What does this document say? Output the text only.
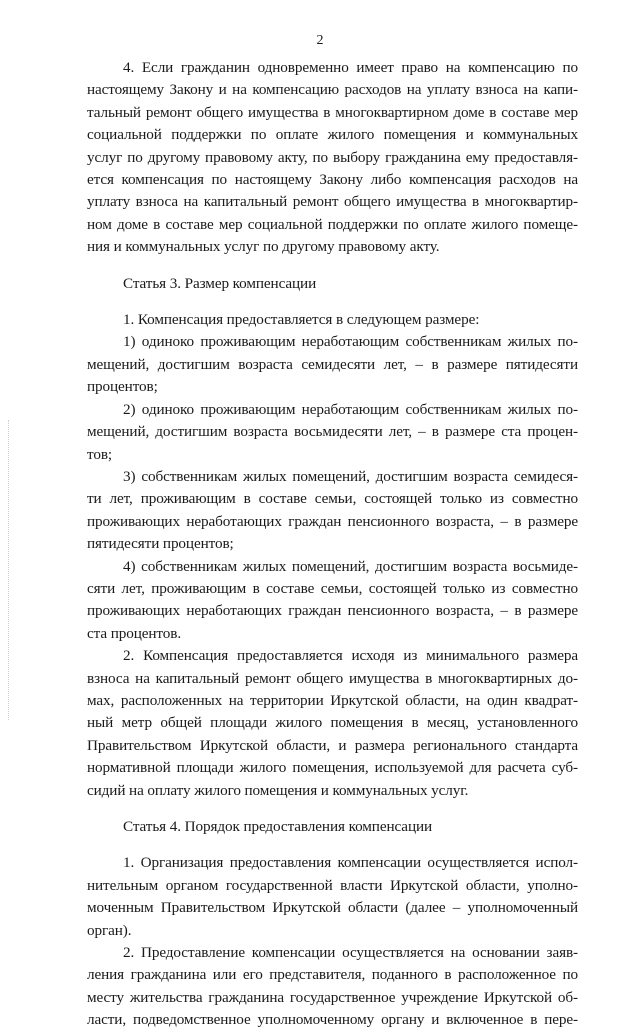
2
4. Если гражданин одновременно имеет право на компенсацию по
настоящему Закону и на компенсацию расходов на уплату взноса на капи-
тальный ремонт общего имущества в многоквартирном доме в составе мер
социальной поддержки по оплате жилого помещения и коммунальных
услуг по другому правовому акту, по выбору гражданина ему предоставля-
ется компенсация по настоящему Закону либо компенсация расходов на
уплату взноса на капитальный ремонт общего имущества в многоквартир-
ном доме в составе мер социальной поддержки по оплате жилого помеще-
ния и коммунальных услуг по другому правовому акту.
Статья 3. Размер компенсации
1. Компенсация предоставляется в следующем размере:
1) одиноко проживающим неработающим собственникам жилых по-
мещений, достигшим возраста семидесяти лет, – в размере пятидесяти
процентов;
2) одиноко проживающим неработающим собственникам жилых по-
мещений, достигшим возраста восьмидесяти лет, – в размере ста процен-
тов;
3) собственникам жилых помещений, достигшим возраста семидеся-
ти лет, проживающим в составе семьи, состоящей только из совместно
проживающих неработающих граждан пенсионного возраста, – в размере
пятидесяти процентов;
4) собственникам жилых помещений, достигшим возраста восьмиде-
сяти лет, проживающим в составе семьи, состоящей только из совместно
проживающих неработающих граждан пенсионного возраста, – в размере
ста процентов.
2. Компенсация предоставляется исходя из минимального размера
взноса на капитальный ремонт общего имущества в многоквартирных до-
мах, расположенных на территории Иркутской области, на один квадрат-
ный метр общей площади жилого помещения в месяц, установленного
Правительством Иркутской области, и размера регионального стандарта
нормативной площади жилого помещения, используемой для расчета суб-
сидий на оплату жилого помещения и коммунальных услуг.
Статья 4. Порядок предоставления компенсации
1. Организация предоставления компенсации осуществляется испол-
нительным органом государственной власти Иркутской области, уполно-
моченным Правительством Иркутской области (далее – уполномоченный
орган).
2. Предоставление компенсации осуществляется на основании заяв-
ления гражданина или его представителя, поданного в расположенное по
месту жительства гражданина государственное учреждение Иркутской об-
ласти, подведомственное уполномоченному органу и включенное в пере-
